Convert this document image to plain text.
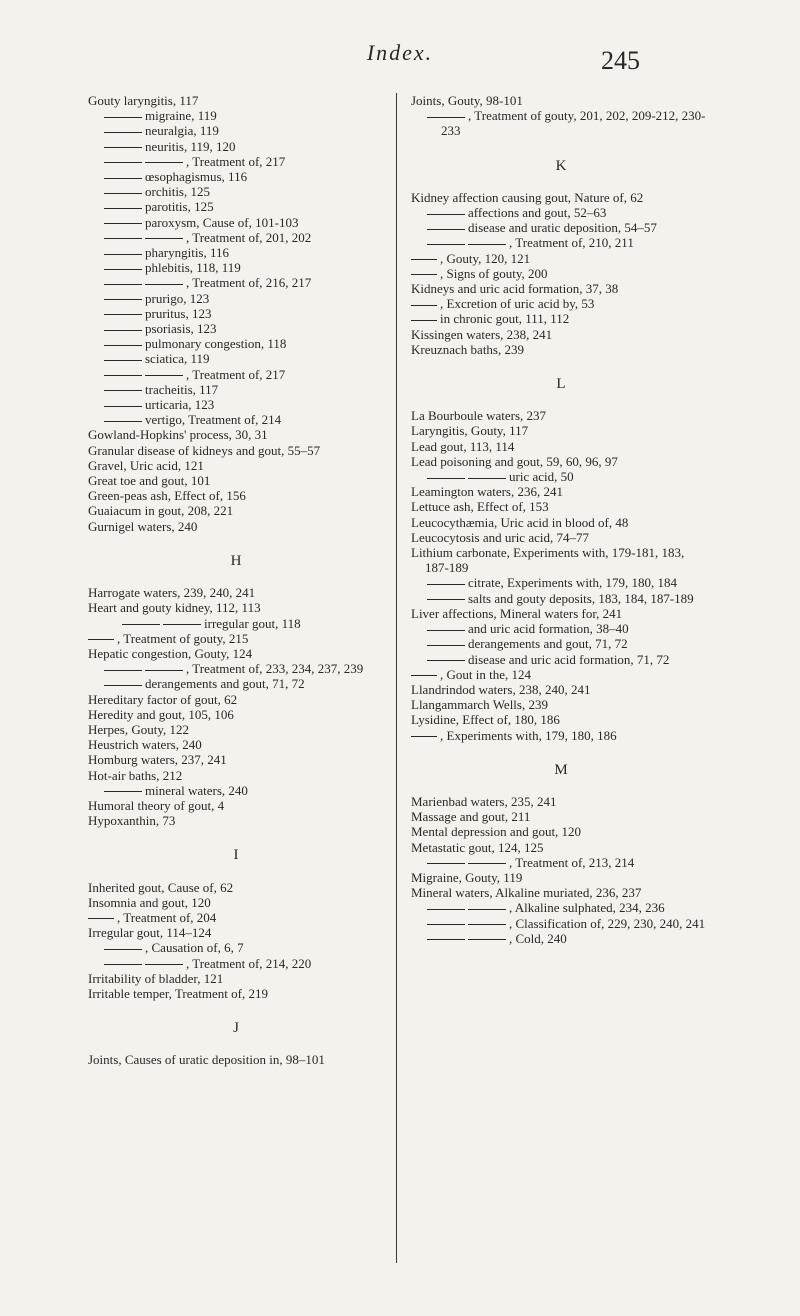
Index.	245
Gouty laryngitis, 117
migraine, 119
neuralgia, 119
neuritis, 119, 120
, Treatment of, 217
œsophagismus, 116
orchitis, 125
parotitis, 125
paroxysm, Cause of, 101-103
, Treatment of, 201, 202
pharyngitis, 116
phlebitis, 118, 119
, Treatment of, 216, 217
prurigo, 123
pruritus, 123
psoriasis, 123
pulmonary congestion, 118
sciatica, 119
, Treatment of, 217
tracheitis, 117
urticaria, 123
vertigo, Treatment of, 214
Gowland-Hopkins' process, 30, 31
Granular disease of kidneys and gout, 55–57
Gravel, Uric acid, 121
Great toe and gout, 101
Green-peas ash, Effect of, 156
Guaiacum in gout, 208, 221
Gurnigel waters, 240
H
Harrogate waters, 239, 240, 241
Heart and gouty kidney, 112, 113
irregular gout, 118
, Treatment of gouty, 215
Hepatic congestion, Gouty, 124
, Treatment of, 233, 234, 237, 239
derangements and gout, 71, 72
Hereditary factor of gout, 62
Heredity and gout, 105, 106
Herpes, Gouty, 122
Heustrich waters, 240
Homburg waters, 237, 241
Hot-air baths, 212
mineral waters, 240
Humoral theory of gout, 4
Hypoxanthin, 73
I
Inherited gout, Cause of, 62
Insomnia and gout, 120
, Treatment of, 204
Irregular gout, 114–124
, Causation of, 6, 7
, Treatment of, 214, 220
Irritability of bladder, 121
Irritable temper, Treatment of, 219
J
Joints, Causes of uratic deposition in, 98–101
Joints, Gouty, 98-101
, Treatment of gouty, 201, 202, 209-212, 230-233
K
Kidney affection causing gout, Nature of, 62
affections and gout, 52–63
disease and uratic deposition, 54–57
, Treatment of, 210, 211
, Gouty, 120, 121
, Signs of gouty, 200
Kidneys and uric acid formation, 37, 38
, Excretion of uric acid by, 53
in chronic gout, 111, 112
Kissingen waters, 238, 241
Kreuznach baths, 239
L
La Bourboule waters, 237
Laryngitis, Gouty, 117
Lead gout, 113, 114
Lead poisoning and gout, 59, 60, 96, 97
uric acid, 50
Leamington waters, 236, 241
Lettuce ash, Effect of, 153
Leucocythæmia, Uric acid in blood of, 48
Leucocytosis and uric acid, 74–77
Lithium carbonate, Experiments with, 179-181, 183, 187-189
citrate, Experiments with, 179, 180, 184
salts and gouty deposits, 183, 184, 187-189
Liver affections, Mineral waters for, 241
and uric acid formation, 38–40
derangements and gout, 71, 72
disease and uric acid formation, 71, 72
, Gout in the, 124
Llandrindod waters, 238, 240, 241
Llangammarch Wells, 239
Lysidine, Effect of, 180, 186
, Experiments with, 179, 180, 186
M
Marienbad waters, 235, 241
Massage and gout, 211
Mental depression and gout, 120
Metastatic gout, 124, 125
, Treatment of, 213, 214
Migraine, Gouty, 119
Mineral waters, Alkaline muriated, 236, 237
, Alkaline sulphated, 234, 236
, Classification of, 229, 230, 240, 241
, Cold, 240
